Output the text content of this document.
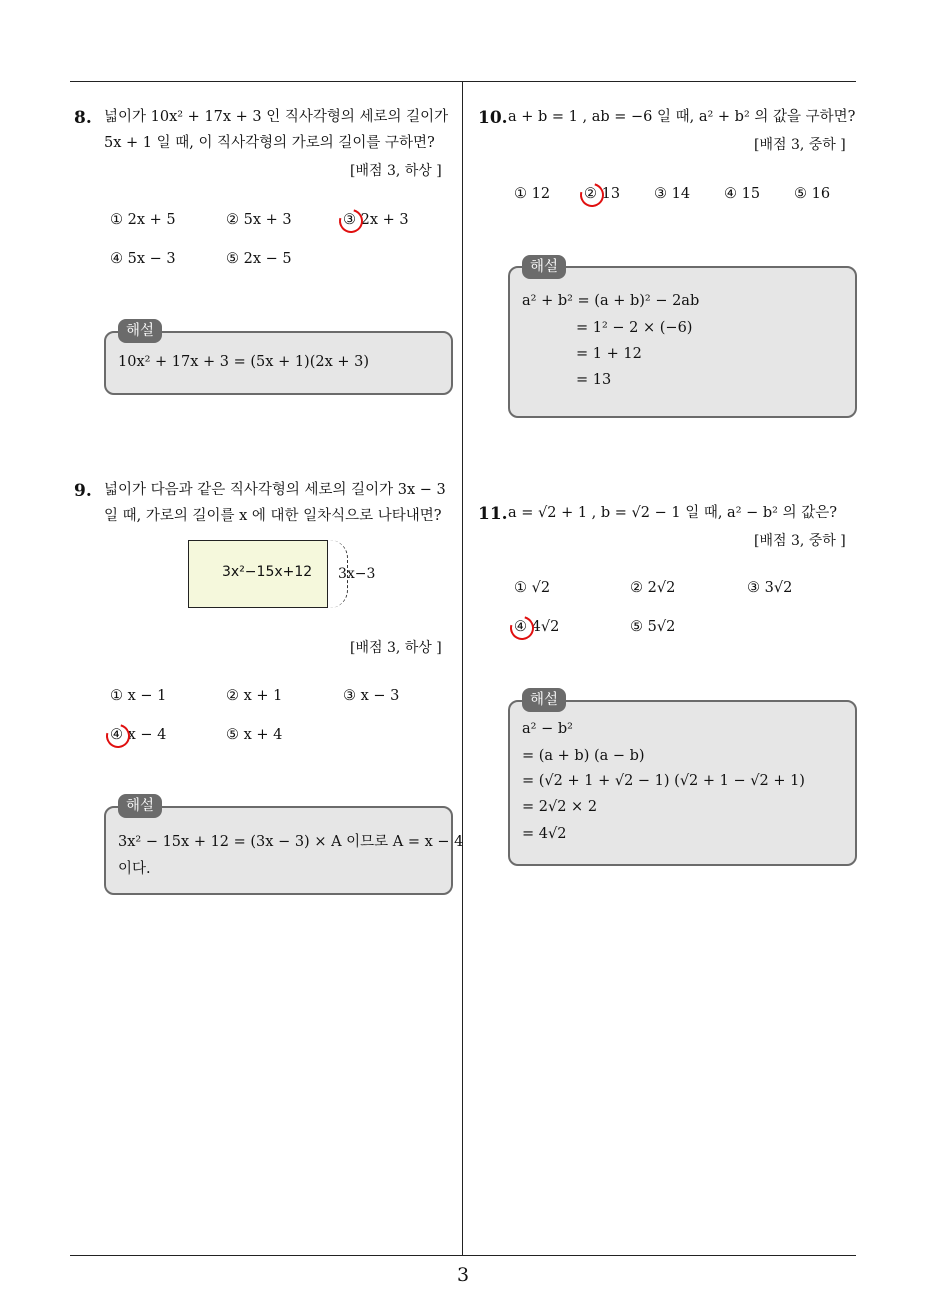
3
8. 넓이가 10x² + 17x + 3 인 직사각형의 세로의 길이가
5x + 1 일 때, 이 직사각형의 가로의 길이를 구하면?
[배점 3, 하상 ]
① 2x + 5	② 5x + 3	③ 2x + 3
④ 5x − 3	⑤ 2x − 5
해설
10x² + 17x + 3 = (5x + 1)(2x + 3)
9. 넓이가 다음과 같은 직사각형의 세로의 길이가 3x − 3
일 때, 가로의 길이를 x 에 대한 일차식으로 나타내면?
3x²−15x+12 3x−3
[배점 3, 하상 ]
① x − 1	② x + 1	③ x − 3
④ x − 4	⑤ x + 4
해설
3x² − 15x + 12 = (3x − 3) × A 이므로 A = x − 4
이다.
10. a + b = 1 , ab = −6 일 때, a² + b² 의 값을 구하면?
[배점 3, 중하 ]
① 12 ② 13 ③ 14 ④ 15 ⑤ 16
해설
a² + b² = (a + b)² − 2ab
= 1² − 2 × (−6)
= 1 + 12
= 13
11. a = √2 + 1 , b = √2 − 1 일 때, a² − b² 의 값은?
[배점 3, 중하 ]
① √2	② 2√2	③ 3√2
④ 4√2	⑤ 5√2
해설
a² − b²
= (a + b) (a − b)
= (√2 + 1 + √2 − 1) (√2 + 1 − √2 + 1)
= 2√2 × 2
= 4√2
